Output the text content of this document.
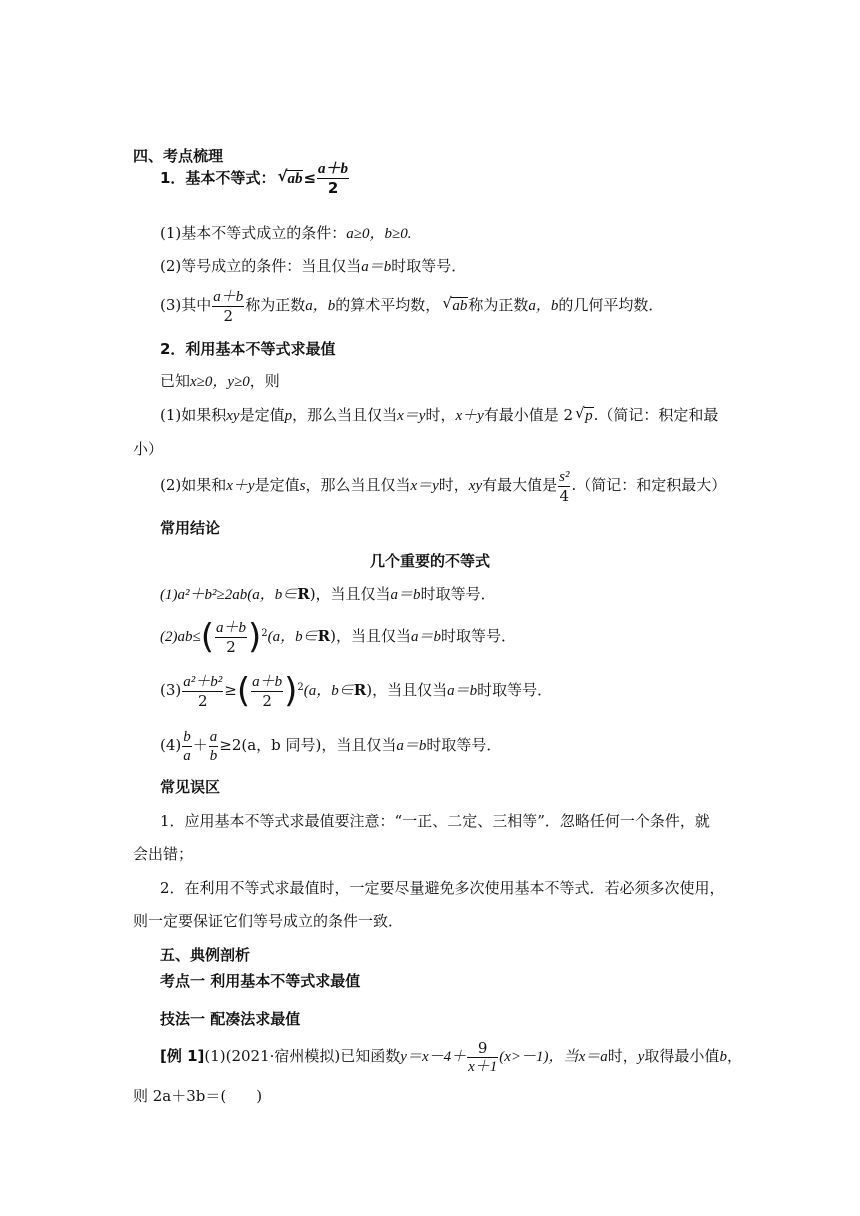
四、考点梳理
1．基本不等式： √ $ab\le \frac{a+b}{2}$
(1)基本不等式成立的条件：a≥0，b≥0.
(2)等号成立的条件：当且仅当a＝b时取等号．
(3)其中 $\frac{a+b}{2}$ 称为正数a，b的算术平均数， √ ab称为正数a，b的几何平均数．
2．利用基本不等式求最值
已知x≥0，y≥0，则
(1)如果积xy是定值p，那么当且仅当x＝y时，x＋y有最小值是 2 √ p.（简记：积定和最
小）
(2)如果和x＋y是定值s，那么当且仅当x＝y时，xy有最大值是 $\frac{\text{s²}}{4}$ .（简记：和定积最大）
常用结论
几个重要的不等式
(1)a²＋b²≥2ab(a，b∈R)，当且仅当a＝b时取等号．
$(2)ab\le( \frac{a+b}{2} )^2(a$，b∈R)，当且仅当a＝b时取等号．
$(3) \frac{\text{a²＋b²}}{2}$ ≥( $\frac{a+b}{2} )^2(a$，b∈R)，当且仅当a＝b时取等号．
$(4) \frac{b}{a} + \frac{a}{b} \ge 2(a$，b 同号)，当且仅当a＝b时取等号．
常见误区
1．应用基本不等式求最值要注意：“一正、二定、三相等”．忽略任何一个条件，就
会出错；
2．在利用不等式求最值时，一定要尽量避免多次使用基本不等式．若必须多次使用，
则一定要保证它们等号成立的条件一致．
五、典例剖析
考点一 利用基本不等式求最值
技法一 配凑法求最值
[例 1](1)(2021·宿州模拟)已知函数$y=x-4+ \frac{9}{x+1} (x>-1)$，当x＝a时，y取得最小值b，
则 2a＋3b＝(　　)
